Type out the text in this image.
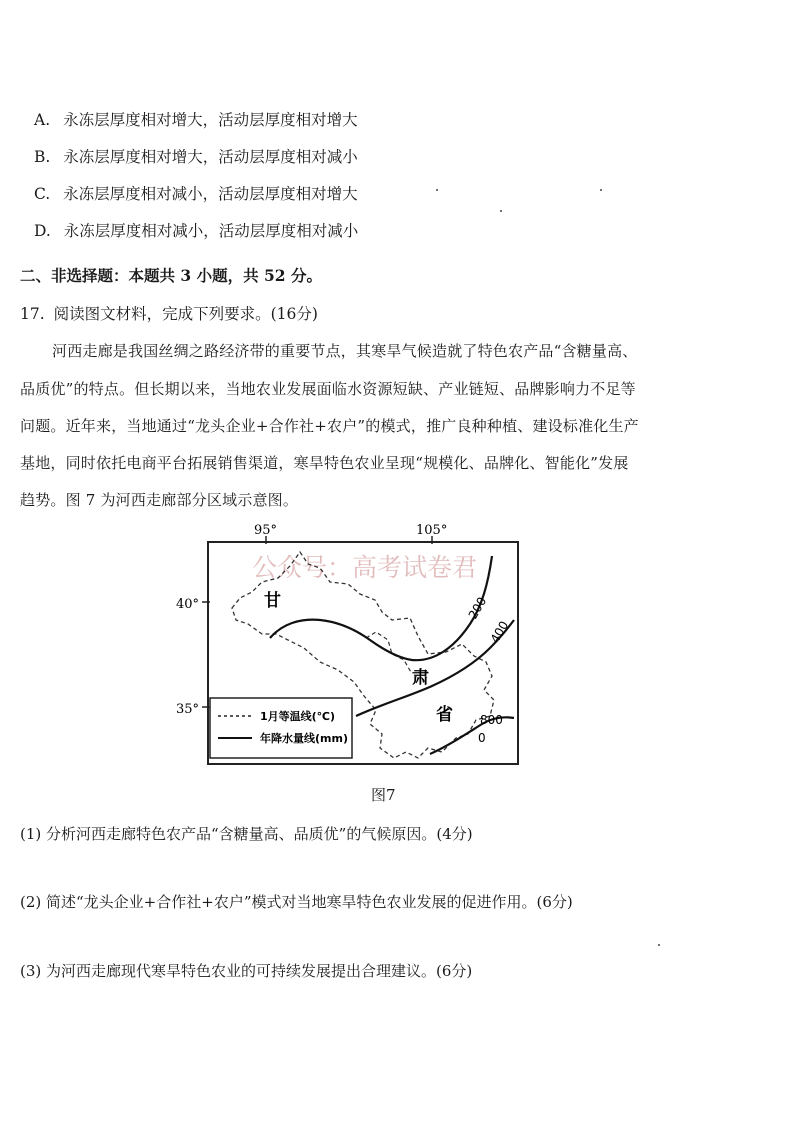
A. 永冻层厚度相对增大，活动层厚度相对增大
B. 永冻层厚度相对增大，活动层厚度相对减小
C. 永冻层厚度相对减小，活动层厚度相对增大
D. 永冻层厚度相对减小，活动层厚度相对减小
二、非选择题：本题共 3 小题，共 52 分。
17. 阅读图文材料，完成下列要求。(16分)
河西走廊是我国丝绸之路经济带的重要节点，其寒旱气候造就了特色农产品“含糖量高、
品质优”的特点。但长期以来，当地农业发展面临水资源短缺、产业链短、品牌影响力不足等
问题。近年来，当地通过“龙头企业+合作社+农户”的模式，推广良种种植、建设标准化生产
基地，同时依托电商平台拓展销售渠道，寒旱特色农业呈现“规模化、品牌化、智能化”发展
趋势。图 7 为河西走廊部分区域示意图。
95°	105°
40°
35°
公众号：高考试卷君
甘
肃
省
200
400
800
0
1月等温线(℃)
年降水量线(mm)
图7
(1) 分析河西走廊特色农产品“含糖量高、品质优”的气候原因。(4分)
(2) 简述“龙头企业+合作社+农户”模式对当地寒旱特色农业发展的促进作用。(6分)
(3) 为河西走廊现代寒旱特色农业的可持续发展提出合理建议。(6分)
